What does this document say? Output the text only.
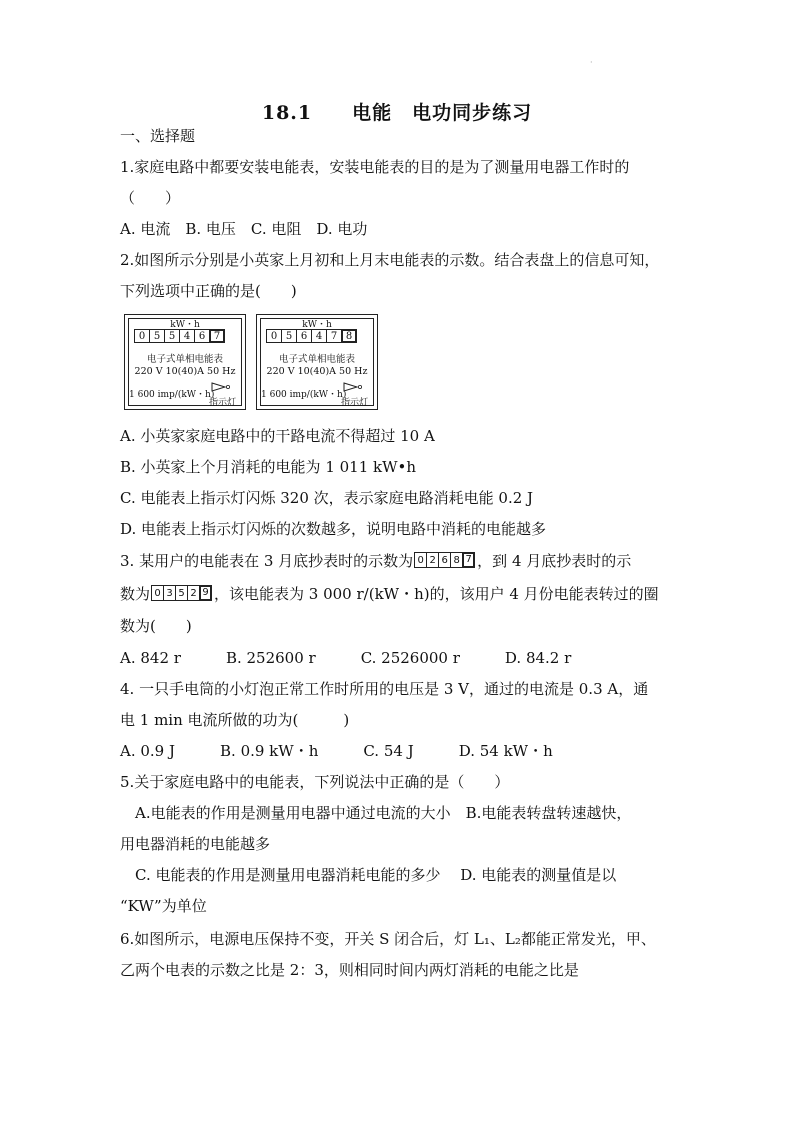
·
18.1　　电能　电功同步练习
一、选择题
1.家庭电路中都要安装电能表，安装电能表的目的是为了测量用电器工作时的
（　　）
A. 电流　B. 电压　C. 电阻　D. 电功
2.如图所示分别是小英家上月初和上月末电能表的示数。结合表盘上的信息可知，
下列选项中正确的是(　　)
kW・h
0 5 5 4 6 7
电子式单相电能表
220 V 10(40)A 50 Hz
1 600 imp/(kW・h)
指示灯
kW・h
0 5 6 4 7 8
电子式单相电能表
220 V 10(40)A 50 Hz
1 600 imp/(kW・h)
指示灯
A. 小英家家庭电路中的干路电流不得超过 10 A
B. 小英家上个月消耗的电能为 1 011 kW•h
C. 电能表上指示灯闪烁 320 次，表示家庭电路消耗电能 0.2 J
D. 电能表上指示灯闪烁的次数越多，说明电路中消耗的电能越多
3. 某用户的电能表在 3 月底抄表时的示数为 0 2 6 8 7 ，到 4 月底抄表时的示
数为 0 3 5 2 9 ，该电能表为 3 000 r/(kW・h)的，该用户 4 月份电能表转过的圈
数为(　　)
A. 842 r　　　B. 252600 r　　　C. 2526000 r　　　D. 84.2 r
4. 一只手电筒的小灯泡正常工作时所用的电压是 3 V，通过的电流是 0.3 A，通
电 1 min 电流所做的功为(　　　)
A. 0.9 J　　　B. 0.9 kW・h　　　C. 54 J　　　D. 54 kW・h
5.关于家庭电路中的电能表，下列说法中正确的是（　　）
　A.电能表的作用是测量用电器中通过电流的大小　B.电能表转盘转速越快，
用电器消耗的电能越多
　C. 电能表的作用是测量用电器消耗电能的多少　 D. 电能表的测量值是以
“KW”为单位
6.如图所示，电源电压保持不变，开关 S 闭合后，灯 L₁、L₂都能正常发光，甲、
乙两个电表的示数之比是 2：3，则相同时间内两灯消耗的电能之比是
